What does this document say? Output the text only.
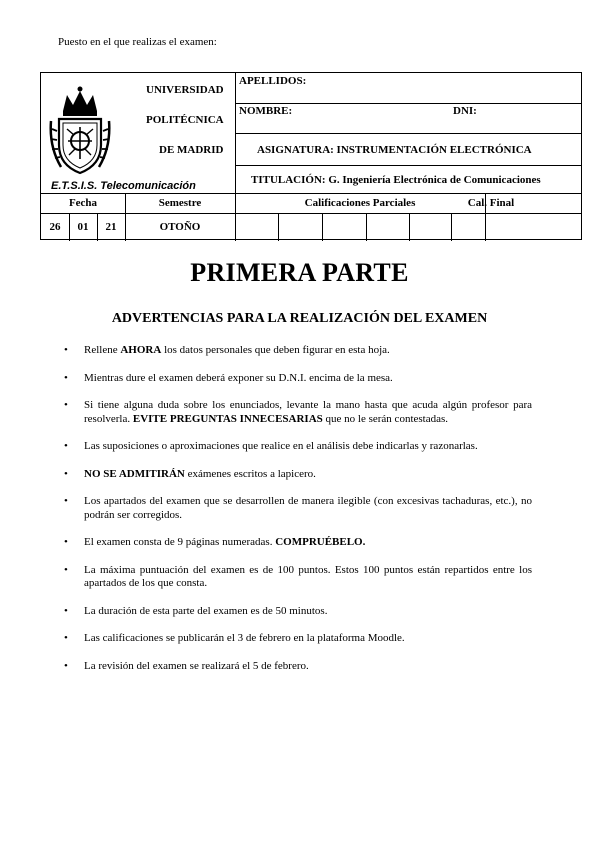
Puesto en el que realizas el examen:
UNIVERSIDAD
POLITÉCNICA
DE MADRID
E.T.S.I.S. Telecomunicación
APELLIDOS:
NOMBRE:	DNI:
ASIGNATURA: INSTRUMENTACIÓN ELECTRÓNICA
TITULACIÓN: G. Ingeniería Electrónica de Comunicaciones
Fecha	Semestre	Calificaciones Parciales	Cal. Final
26	01	21	OTOÑO
PRIMERA PARTE
ADVERTENCIAS PARA LA REALIZACIÓN DEL EXAMEN
• Rellene AHORA los datos personales que deben figurar en esta hoja.
• Mientras dure el examen deberá exponer su D.N.I. encima de la mesa.
• Si tiene alguna duda sobre los enunciados, levante la mano hasta que acuda algún profesor para resolverla. EVITE PREGUNTAS INNECESARIAS que no le serán contestadas.
• Las suposiciones o aproximaciones que realice en el análisis debe indicarlas y razonarlas.
• NO SE ADMITIRÁN exámenes escritos a lapicero.
• Los apartados del examen que se desarrollen de manera ilegible (con excesivas tachaduras, etc.), no podrán ser corregidos.
• El examen consta de 9 páginas numeradas. COMPRUÉBELO.
• La máxima puntuación del examen es de 100 puntos. Estos 100 puntos están repartidos entre los apartados de los que consta.
• La duración de esta parte del examen es de 50 minutos.
• Las calificaciones se publicarán el 3 de febrero en la plataforma Moodle.
• La revisión del examen se realizará el 5 de febrero.
